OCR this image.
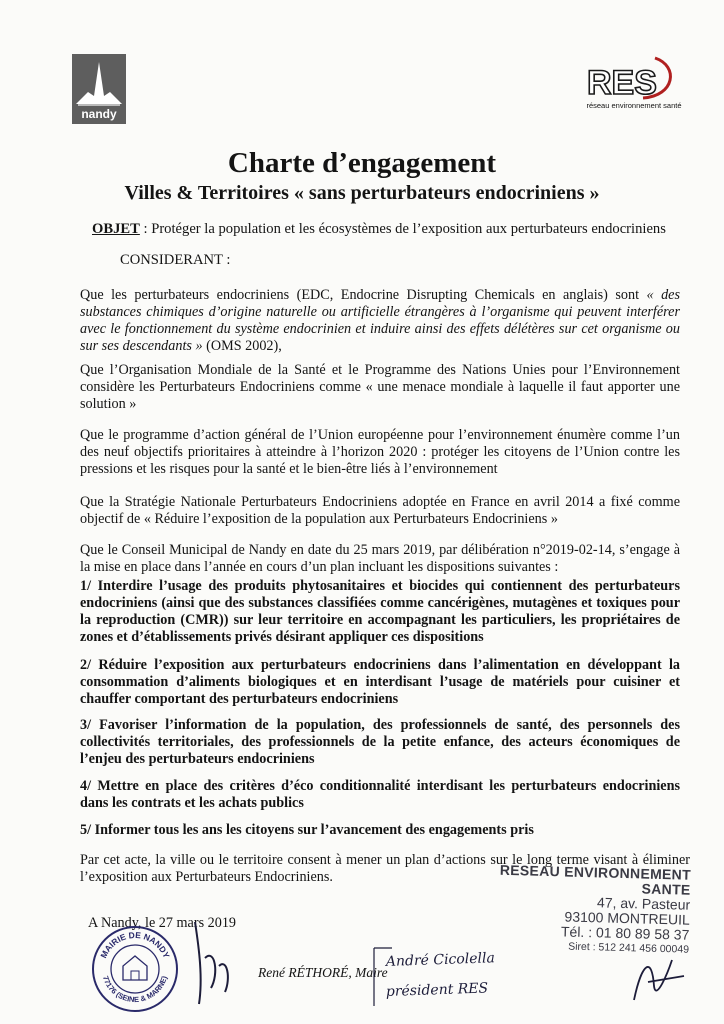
nandy
RES
réseau environnement santé
Charte d’engagement
Villes & Territoires « sans perturbateurs endocriniens »
OBJET : Protéger la population et les écosystèmes de l’exposition aux perturbateurs endocriniens
CONSIDERANT :
Que les perturbateurs endocriniens (EDC, Endocrine Disrupting Chemicals en anglais) sont « des substances chimiques d’origine naturelle ou artificielle étrangères à l’organisme qui peuvent interférer avec le fonctionnement du système endocrinien et induire ainsi des effets délétères sur cet organisme ou sur ses descendants » (OMS 2002),
Que l’Organisation Mondiale de la Santé et le Programme des Nations Unies pour l’Environnement considère les Perturbateurs Endocriniens comme « une menace mondiale à laquelle il faut apporter une solution »
Que le programme d’action général de l’Union européenne pour l’environnement énumère comme l’un des neuf objectifs prioritaires à atteindre à l’horizon 2020 : protéger les citoyens de l’Union contre les pressions et les risques pour la santé et le bien-être liés à l’environnement
Que la Stratégie Nationale Perturbateurs Endocriniens adoptée en France en avril 2014 a fixé comme objectif de « Réduire l’exposition de la population aux Perturbateurs Endocriniens »
Que le Conseil Municipal de Nandy en date du 25 mars 2019, par délibération n°2019-02-14, s’engage à la mise en place dans l’année en cours d’un plan incluant les dispositions suivantes :
1/ Interdire l’usage des produits phytosanitaires et biocides qui contiennent des perturbateurs endocriniens (ainsi que des substances classifiées comme cancérigènes, mutagènes et toxiques pour la reproduction (CMR)) sur leur territoire en accompagnant les particuliers, les propriétaires de zones et d’établissements privés désirant appliquer ces dispositions
2/ Réduire l’exposition aux perturbateurs endocriniens dans l’alimentation en développant la consommation d’aliments biologiques et en interdisant l’usage de matériels pour cuisiner et chauffer comportant des perturbateurs endocriniens
3/ Favoriser l’information de la population, des professionnels de santé, des personnels des collectivités territoriales, des professionnels de la petite enfance, des acteurs économiques de l’enjeu des perturbateurs endocriniens
4/ Mettre en place des critères d’éco conditionnalité interdisant les perturbateurs endocriniens dans les contrats et les achats publics
5/ Informer tous les ans les citoyens sur l’avancement des engagements pris
Par cet acte, la ville ou le territoire consent à mener un plan d’actions sur le long terme visant à éliminer l’exposition aux Perturbateurs Endocriniens.	RESEAU ENVIRONNEMENT SANTE
47, av. Pasteur
93100 MONTREUIL
Tél. : 01 80 89 58 37
Siret : 512 241 456 00049
A Nandy, le 27 mars 2019
MAIRIE DE NANDY
77176 (SEINE & MARNE)	René RÉTHORÉ, Maire
André Cicolella
président RES
